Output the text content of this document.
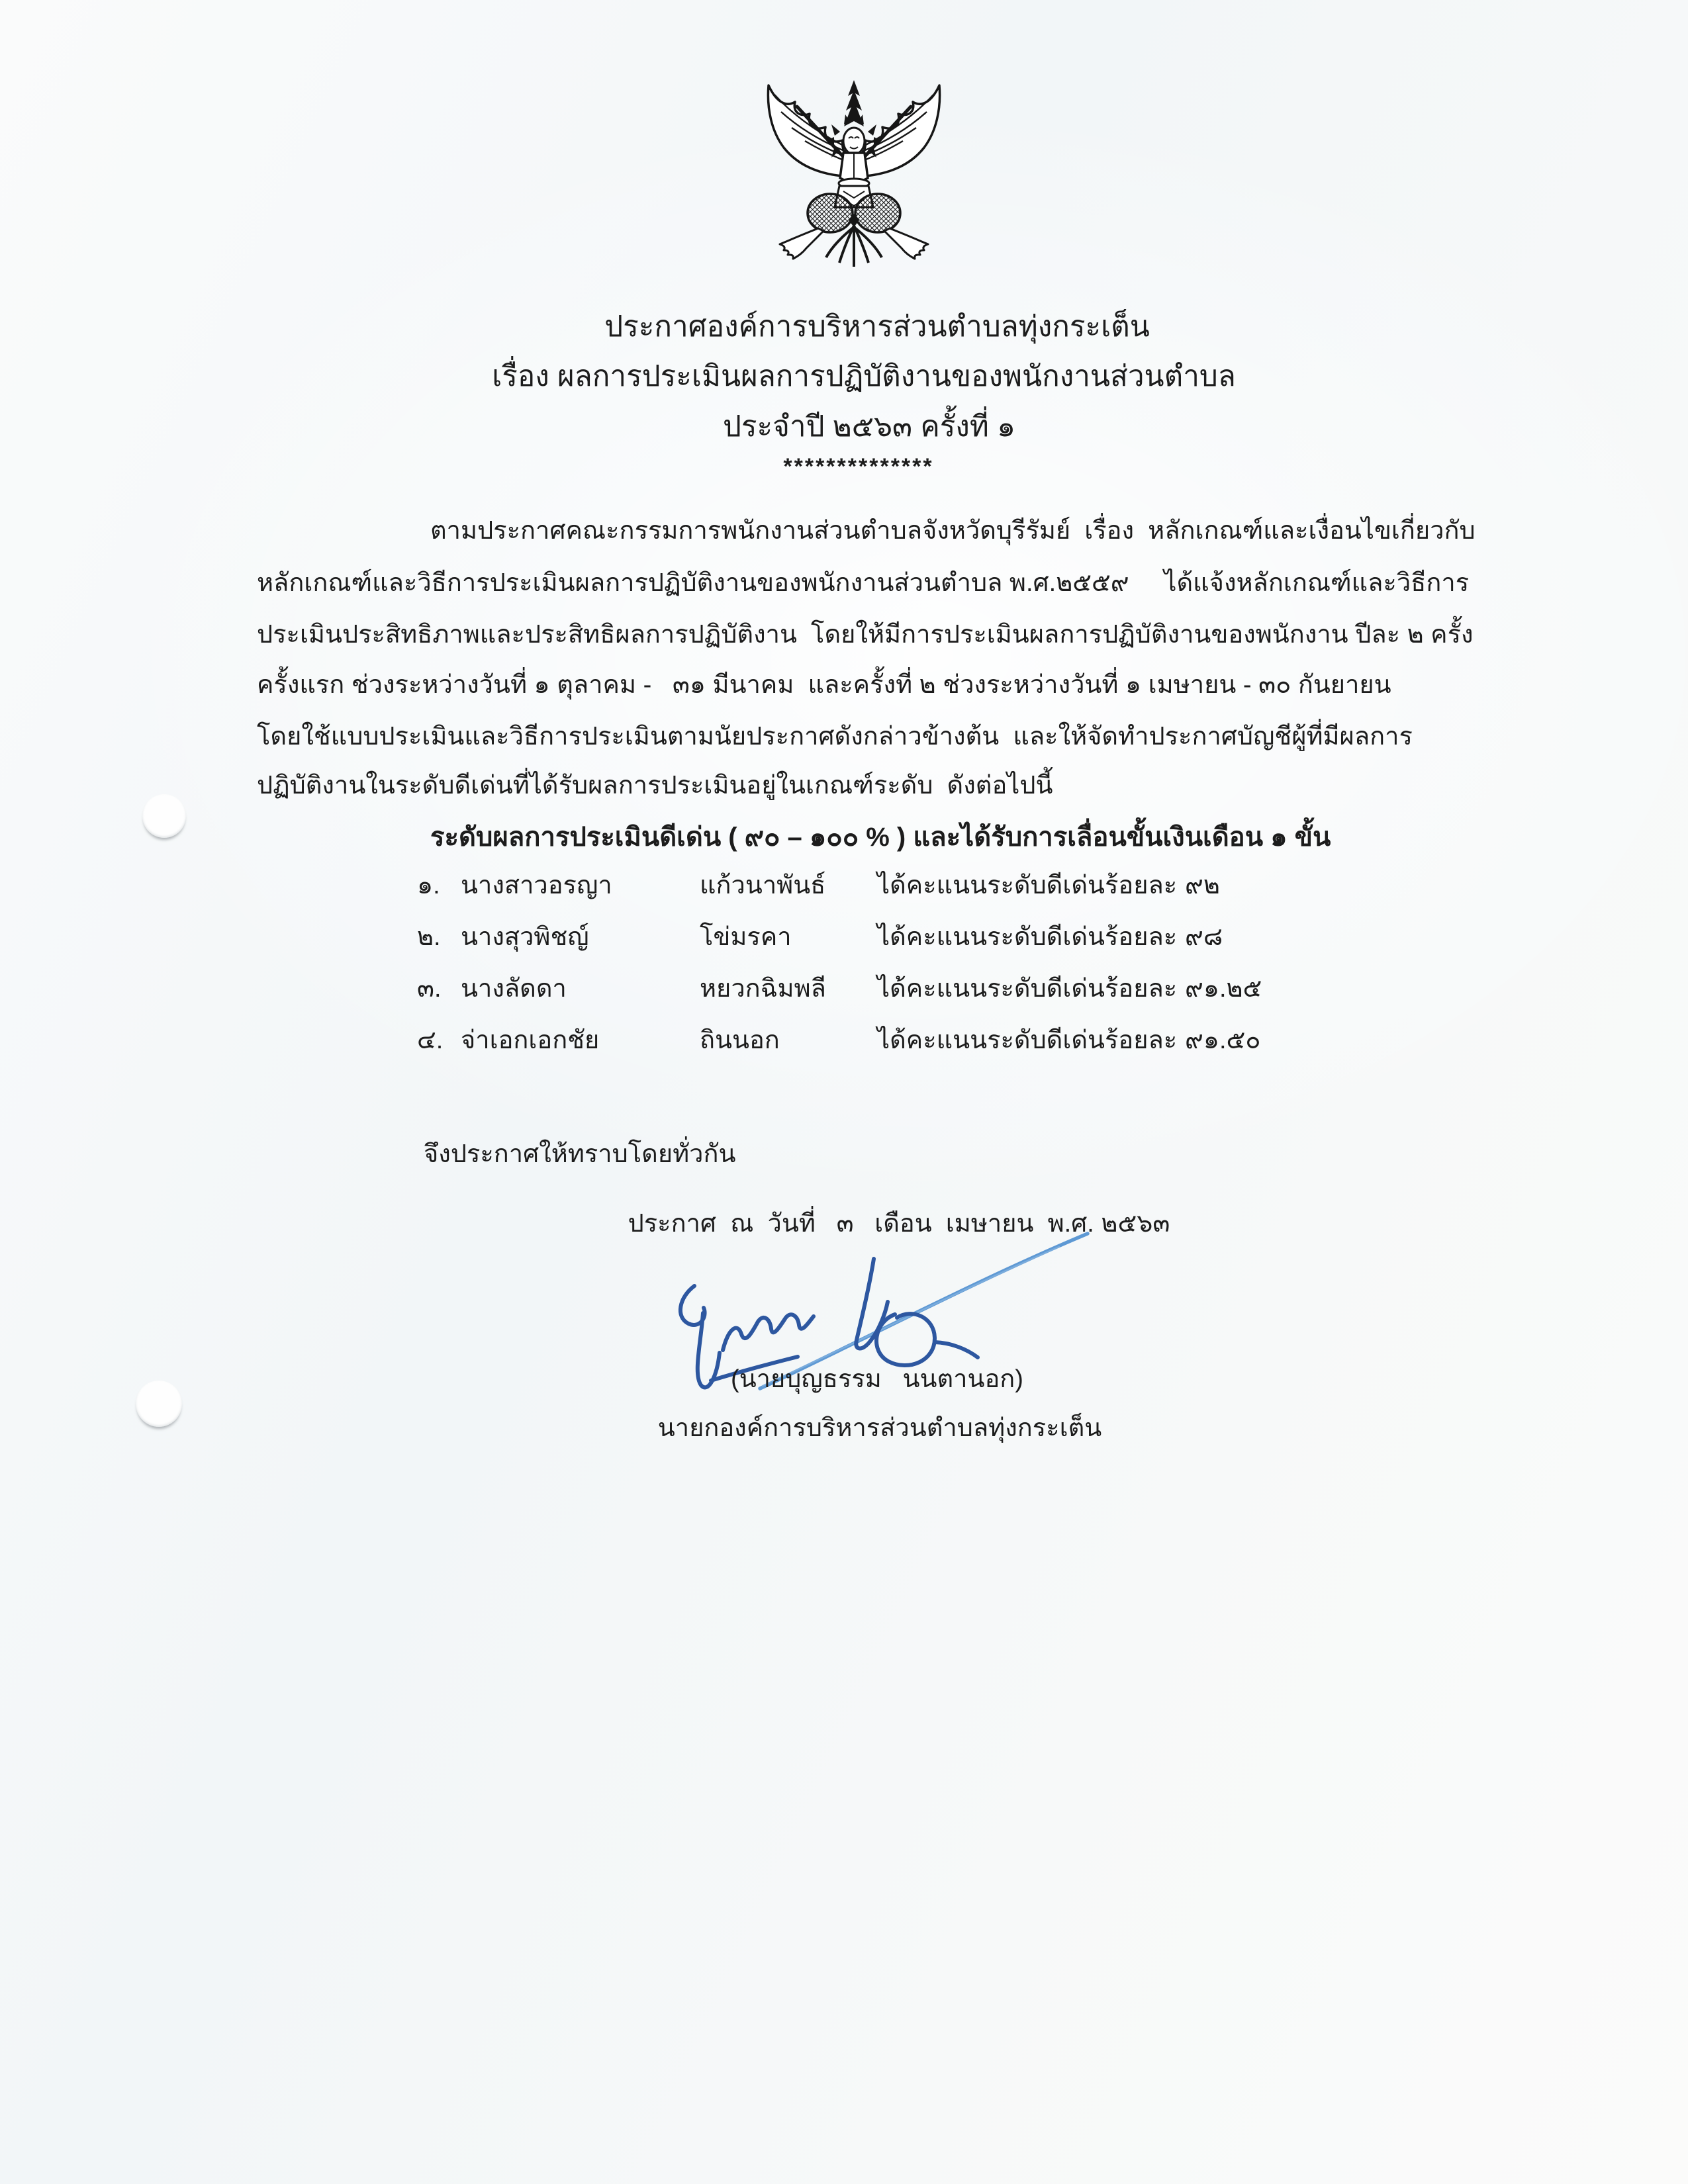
ประกาศองค์การบริหารส่วนตำบลทุ่งกระเต็น
เรื่อง ผลการประเมินผลการปฏิบัติงานของพนักงานส่วนตำบล
ประจำปี ๒๕๖๓ ครั้งที่ ๑
**************
ตามประกาศคณะกรรมการพนักงานส่วนตำบลจังหวัดบุรีรัมย์  เรื่อง  หลักเกณฑ์และเงื่อนไขเกี่ยวกับ
หลักเกณฑ์และวิธีการประเมินผลการปฏิบัติงานของพนักงานส่วนตำบล พ.ศ.๒๕๕๙     ได้แจ้งหลักเกณฑ์และวิธีการ
ประเมินประสิทธิภาพและประสิทธิผลการปฏิบัติงาน  โดยให้มีการประเมินผลการปฏิบัติงานของพนักงาน ปีละ ๒ ครั้ง
ครั้งแรก ช่วงระหว่างวันที่ ๑ ตุลาคม -   ๓๑ มีนาคม  และครั้งที่ ๒ ช่วงระหว่างวันที่ ๑ เมษายน - ๓๐ กันยายน
โดยใช้แบบประเมินและวิธีการประเมินตามนัยประกาศดังกล่าวข้างต้น  และให้จัดทำประกาศบัญชีผู้ที่มีผลการ
ปฏิบัติงานในระดับดีเด่นที่ได้รับผลการประเมินอยู่ในเกณฑ์ระดับ  ดังต่อไปนี้
ระดับผลการประเมินดีเด่น ( ๙๐ – ๑๐๐ % ) และได้รับการเลื่อนขั้นเงินเดือน ๑ ขั้น
๑. นางสาวอรญา	แก้วนาพันธ์ ได้คะแนนระดับดีเด่นร้อยละ ๙๒
๒. นางสุวพิชญ์	โข่มรคา	ได้คะแนนระดับดีเด่นร้อยละ ๙๘
๓. นางลัดดา	หยวกฉิมพลี ได้คะแนนระดับดีเด่นร้อยละ ๙๑.๒๕
๔. จ่าเอกเอกชัย	ถินนอก	ได้คะแนนระดับดีเด่นร้อยละ ๙๑.๕๐
จึงประกาศให้ทราบโดยทั่วกัน
ประกาศ  ณ  วันที่   ๓   เดือน  เมษายน  พ.ศ. ๒๕๖๓
(นายบุญธรรม   นนตานอก)
นายกองค์การบริหารส่วนตำบลทุ่งกระเต็น
